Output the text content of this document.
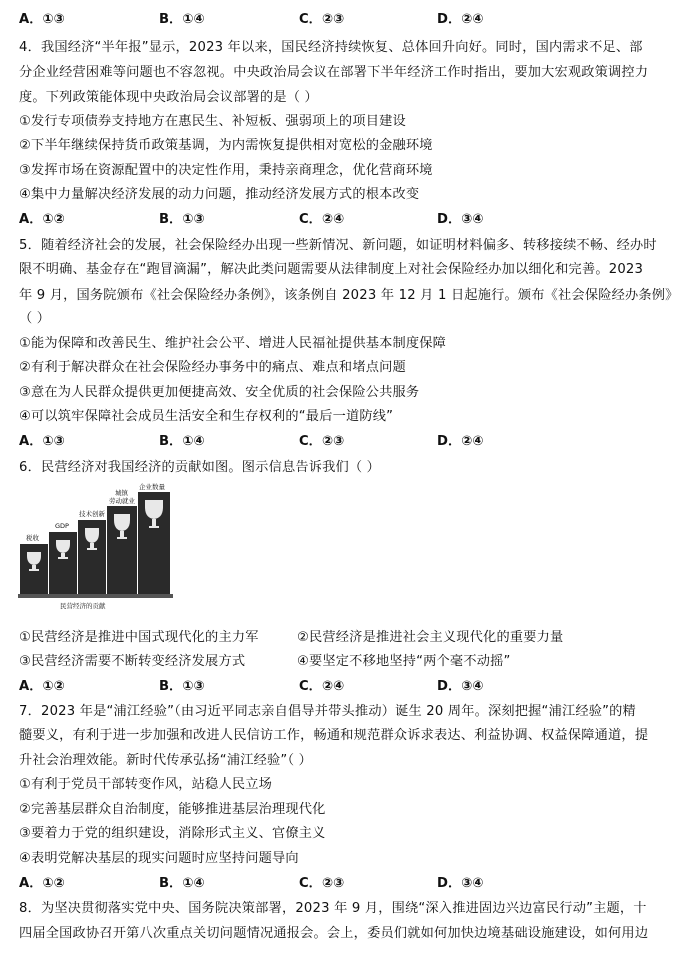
A．①③	B．①④	C．②③	D．②④
4．我国经济“半年报”显示，2023 年以来，国民经济持续恢复、总体回升向好。同时，国内需求不足、部
分企业经营困难等问题也不容忽视。中央政治局会议在部署下半年经济工作时指出，要加大宏观政策调控力
度。下列政策能体现中央政治局会议部署的是（ ）
①发行专项债券支持地方在惠民生、补短板、强弱项上的项目建设
②下半年继续保持货币政策基调，为内需恢复提供相对宽松的金融环境
③发挥市场在资源配置中的决定性作用，秉持亲商理念，优化营商环境
④集中力量解决经济发展的动力问题，推动经济发展方式的根本改变
A．①②	B．①③	C．②④	D．③④
5．随着经济社会的发展，社会保险经办出现一些新情况、新问题，如证明材料偏多、转移接续不畅、经办时
限不明确、基金存在“跑冒滴漏”，解决此类问题需要从法律制度上对社会保险经办加以细化和完善。2023
年 9 月，国务院颁布《社会保险经办条例》，该条例自 2023 年 12 月 1 日起施行。颁布《社会保险经办条例》
（ ）
①能为保障和改善民生、维护社会公平、增进人民福祉提供基本制度保障
②有利于解决群众在社会保险经办事务中的痛点、难点和堵点问题
③意在为人民群众提供更加便捷高效、安全优质的社会保险公共服务
④可以筑牢保障社会成员生活安全和生存权利的“最后一道防线”
A．①③	B．①④	C．②③	D．②④
6．民营经济对我国经济的贡献如图。图示信息告诉我们（ ）
税收
GDP
技术创新
城镇
劳动就业
企业数量
民营经济的贡献
①民营经济是推进中国式现代化的主力军	②民营经济是推进社会主义现代化的重要力量
③民营经济需要不断转变经济发展方式	④要坚定不移地坚持“两个毫不动摇”
A．①②	B．①③	C．②④	D．③④
7．2023 年是“浦江经验”（由习近平同志亲自倡导并带头推动）诞生 20 周年。深刻把握“浦江经验”的精
髓要义，有利于进一步加强和改进人民信访工作，畅通和规范群众诉求表达、利益协调、权益保障通道，提
升社会治理效能。新时代传承弘扬“浦江经验”（ ）
①有利于党员干部转变作风，站稳人民立场
②完善基层群众自治制度，能够推进基层治理现代化
③要着力于党的组织建设，消除形式主义、官僚主义
④表明党解决基层的现实问题时应坚持问题导向
A．①②	B．①④	C．②③	D．③④
8．为坚决贯彻落实党中央、国务院决策部署，2023 年 9 月，围绕“深入推进固边兴边富民行动”主题，十
四届全国政协召开第八次重点关切问题情况通报会。会上，委员们就如何加快边境基础设施建设，如何用边
